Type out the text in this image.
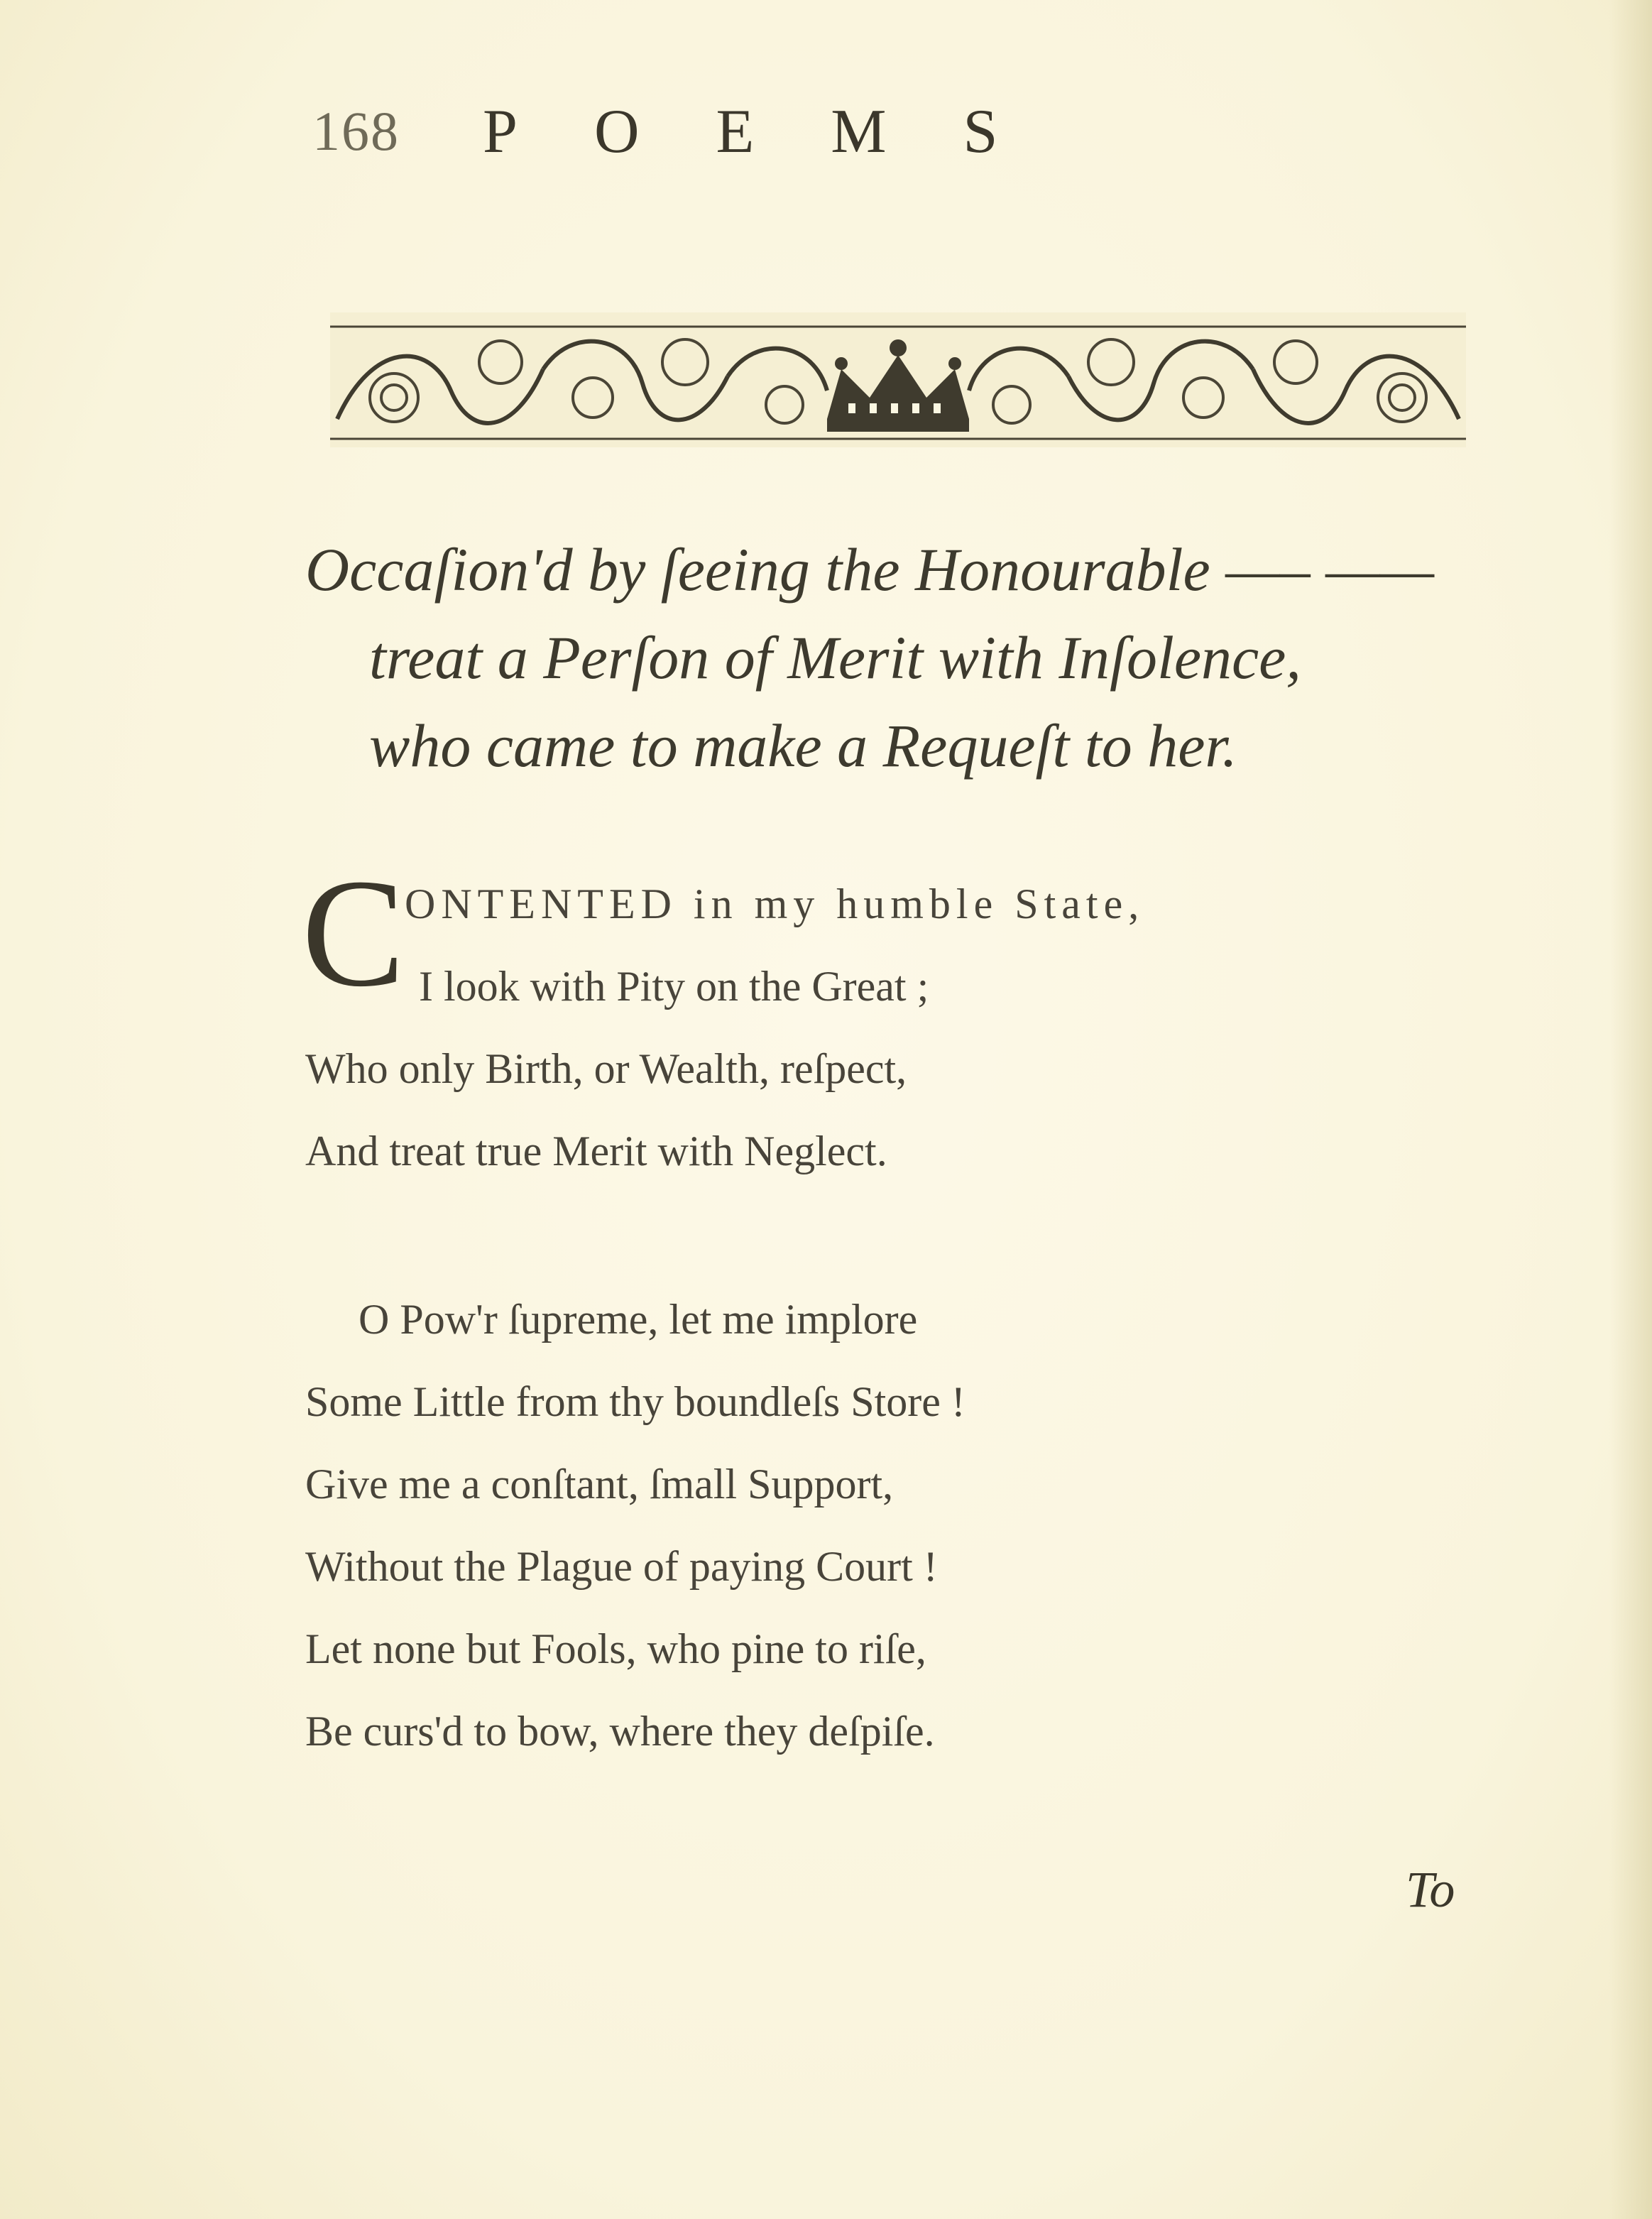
168	POEMS
Occaſion'd by ſeeing the Honourable —– ——
treat a Perſon of Merit with Inſolence,
who came to make a Requeſt to her.
C ONTENTED in my humble State,
I look with Pity on the Great ;
Who only Birth, or Wealth, reſpect,
And treat true Merit with Neglect.
O Pow'r ſupreme, let me implore
Some Little from thy boundleſs Store !
Give me a conſtant, ſmall Support,
Without the Plague of paying Court !
Let none but Fools, who pine to riſe,
Be curs'd to bow, where they deſpiſe.
To
